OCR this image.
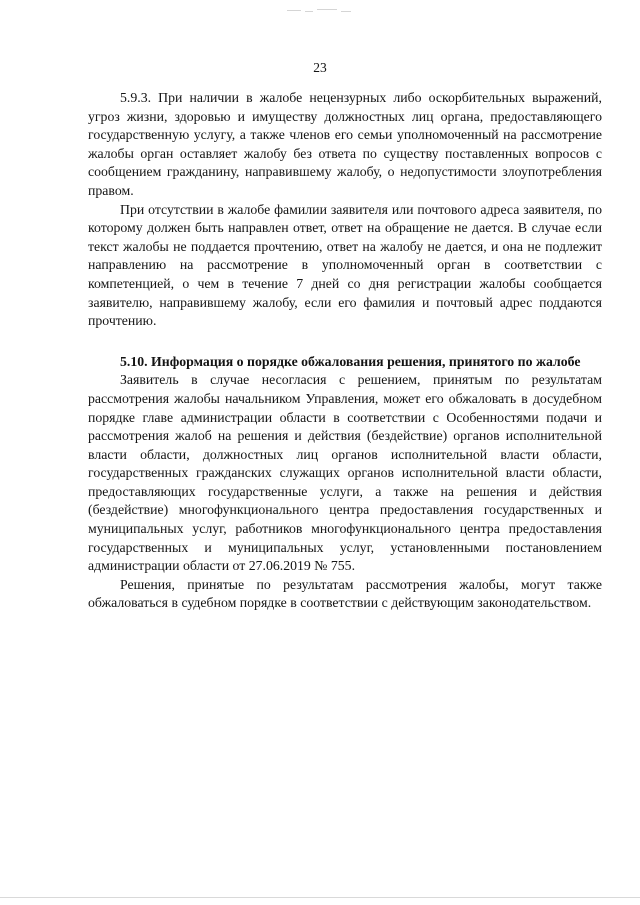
23

5.9.3. При наличии в жалобе нецензурных либо оскорбительных выражений, угроз жизни, здоровью и имуществу должностных лиц органа, предоставляющего государственную услугу, а также членов его семьи уполномоченный на рассмотрение жалобы орган оставляет жалобу без ответа по существу поставленных вопросов с сообщением гражданину, направившему жалобу, о недопустимости злоупотребления правом.

При отсутствии в жалобе фамилии заявителя или почтового адреса заявителя, по которому должен быть направлен ответ, ответ на обращение не дается. В случае если текст жалобы не поддается прочтению, ответ на жалобу не дается, и она не подлежит направлению на рассмотрение в уполномоченный орган в соответствии с компетенцией, о чем в течение 7 дней со дня регистрации жалобы сообщается заявителю, направившему жалобу, если его фамилия и почтовый адрес поддаются прочтению.

5.10. Информация о порядке обжалования решения, принятого по жалобе

Заявитель в случае несогласия с решением, принятым по результатам рассмотрения жалобы начальником Управления, может его обжаловать в досудебном порядке главе администрации области в соответствии с Особенностями подачи и рассмотрения жалоб на решения и действия (бездействие) органов исполнительной власти области, должностных лиц органов исполнительной власти области, государственных гражданских служащих органов исполнительной власти области, предоставляющих государственные услуги, а также на решения и действия (бездействие) многофункционального центра предоставления государственных и муниципальных услуг, работников многофункционального центра предоставления государственных и муниципальных услуг, установленными постановлением администрации области от 27.06.2019 № 755.

Решения, принятые по результатам рассмотрения жалобы, могут также обжаловаться в судебном порядке в соответствии с действующим законодательством.
